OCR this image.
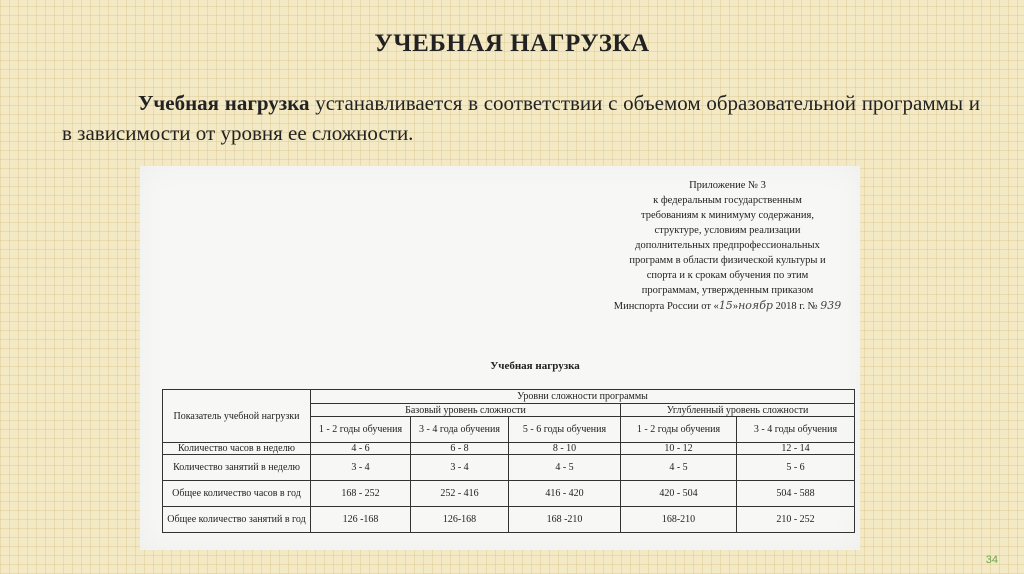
УЧЕБНАЯ НАГРУЗКА
Учебная нагрузка устанавливается в соответствии с объемом образовательной программы и в зависимости от уровня ее сложности.
Приложение № 3
к федеральным государственным
требованиям к минимуму содержания,
структуре, условиям реализации
дополнительных предпрофессиональных
программ в области физической культуры и
спорта и к срокам обучения по этим
программам, утвержденным приказом
Минспорта России от «15»ноябр 2018 г. № 939
Учебная нагрузка
Показатель учебной нагрузки	Уровни сложности программы				
	Базовый уровень сложности			Углубленный уровень сложности	
	1 - 2 годы обучения	3 - 4 года обучения	5 - 6 годы обучения	1 - 2 годы обучения	3 - 4 годы обучения
Количество часов в неделю	4 - 6	6 - 8	8 - 10	10 - 12	12 - 14
Количество занятий в неделю	3 - 4	3 - 4	4 - 5	4 - 5	5 - 6
Общее количество часов в год	168 - 252	252 - 416	416 - 420	420 - 504	504 - 588
Общее количество занятий в год	126 -168	126-168	168 -210	168-210	210 - 252
34
